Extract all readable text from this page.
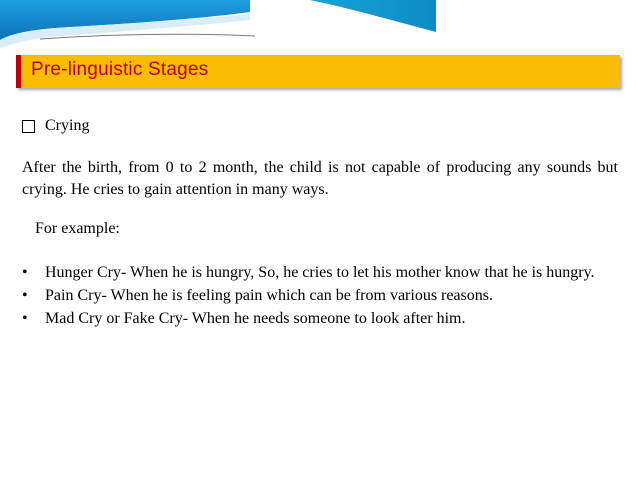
Pre-linguistic Stages
Crying
After the birth, from 0 to 2 month, the child is not capable of producing any sounds but crying. He cries to gain attention in many ways.
For example:
• Hunger Cry- When he is hungry, So, he cries to let his mother know that he is hungry.
• Pain Cry- When he is feeling pain which can be from various reasons.
• Mad Cry or Fake Cry- When he needs someone to look after him.
